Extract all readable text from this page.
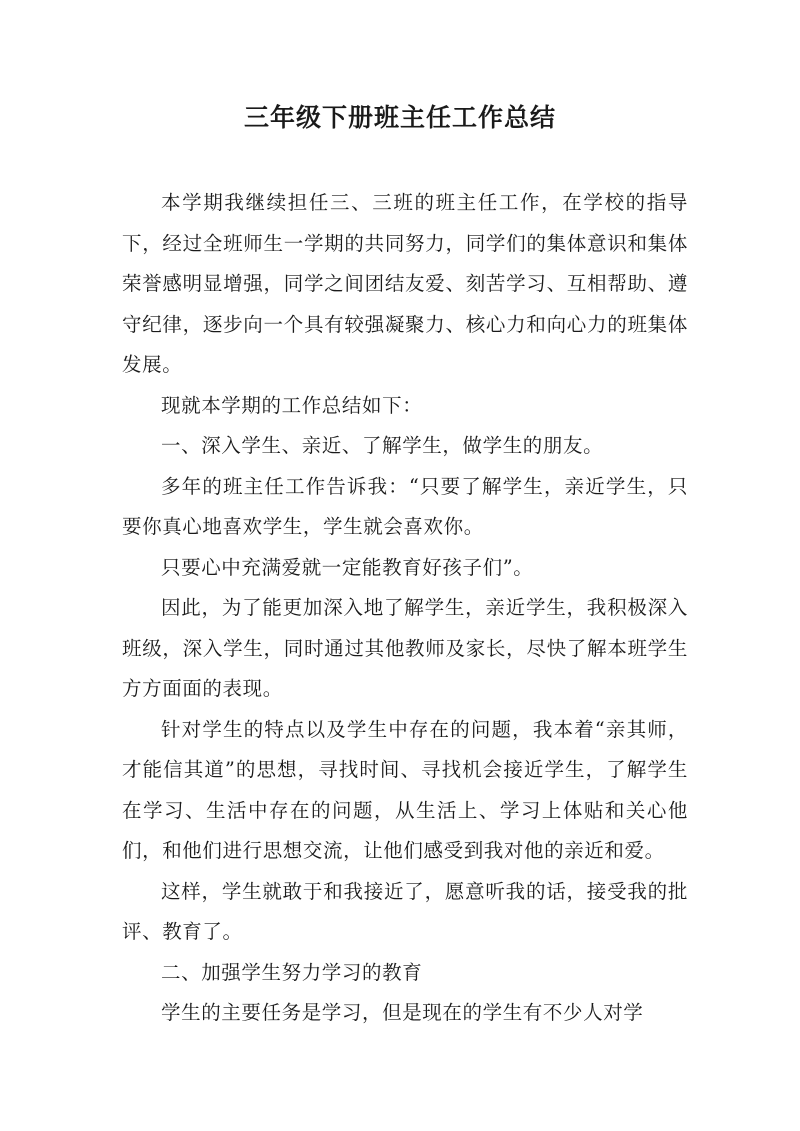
三年级下册班主任工作总结

本学期我继续担任三、三班的班主任工作，在学校的指导下，经过全班师生一学期的共同努力，同学们的集体意识和集体荣誉感明显增强，同学之间团结友爱、刻苦学习、互相帮助、遵守纪律，逐步向一个具有较强凝聚力、核心力和向心力的班集体发展。

现就本学期的工作总结如下：

一、深入学生、亲近、了解学生，做学生的朋友。

多年的班主任工作告诉我：“只要了解学生，亲近学生，只要你真心地喜欢学生，学生就会喜欢你。

只要心中充满爱就一定能教育好孩子们”。

因此，为了能更加深入地了解学生，亲近学生，我积极深入班级，深入学生，同时通过其他教师及家长，尽快了解本班学生方方面面的表现。

针对学生的特点以及学生中存在的问题，我本着“亲其师，才能信其道”的思想，寻找时间、寻找机会接近学生，了解学生在学习、生活中存在的问题，从生活上、学习上体贴和关心他们，和他们进行思想交流，让他们感受到我对他的亲近和爱。

这样，学生就敢于和我接近了，愿意听我的话，接受我的批评、教育了。

二、加强学生努力学习的教育

学生的主要任务是学习，但是现在的学生有不少人对学
